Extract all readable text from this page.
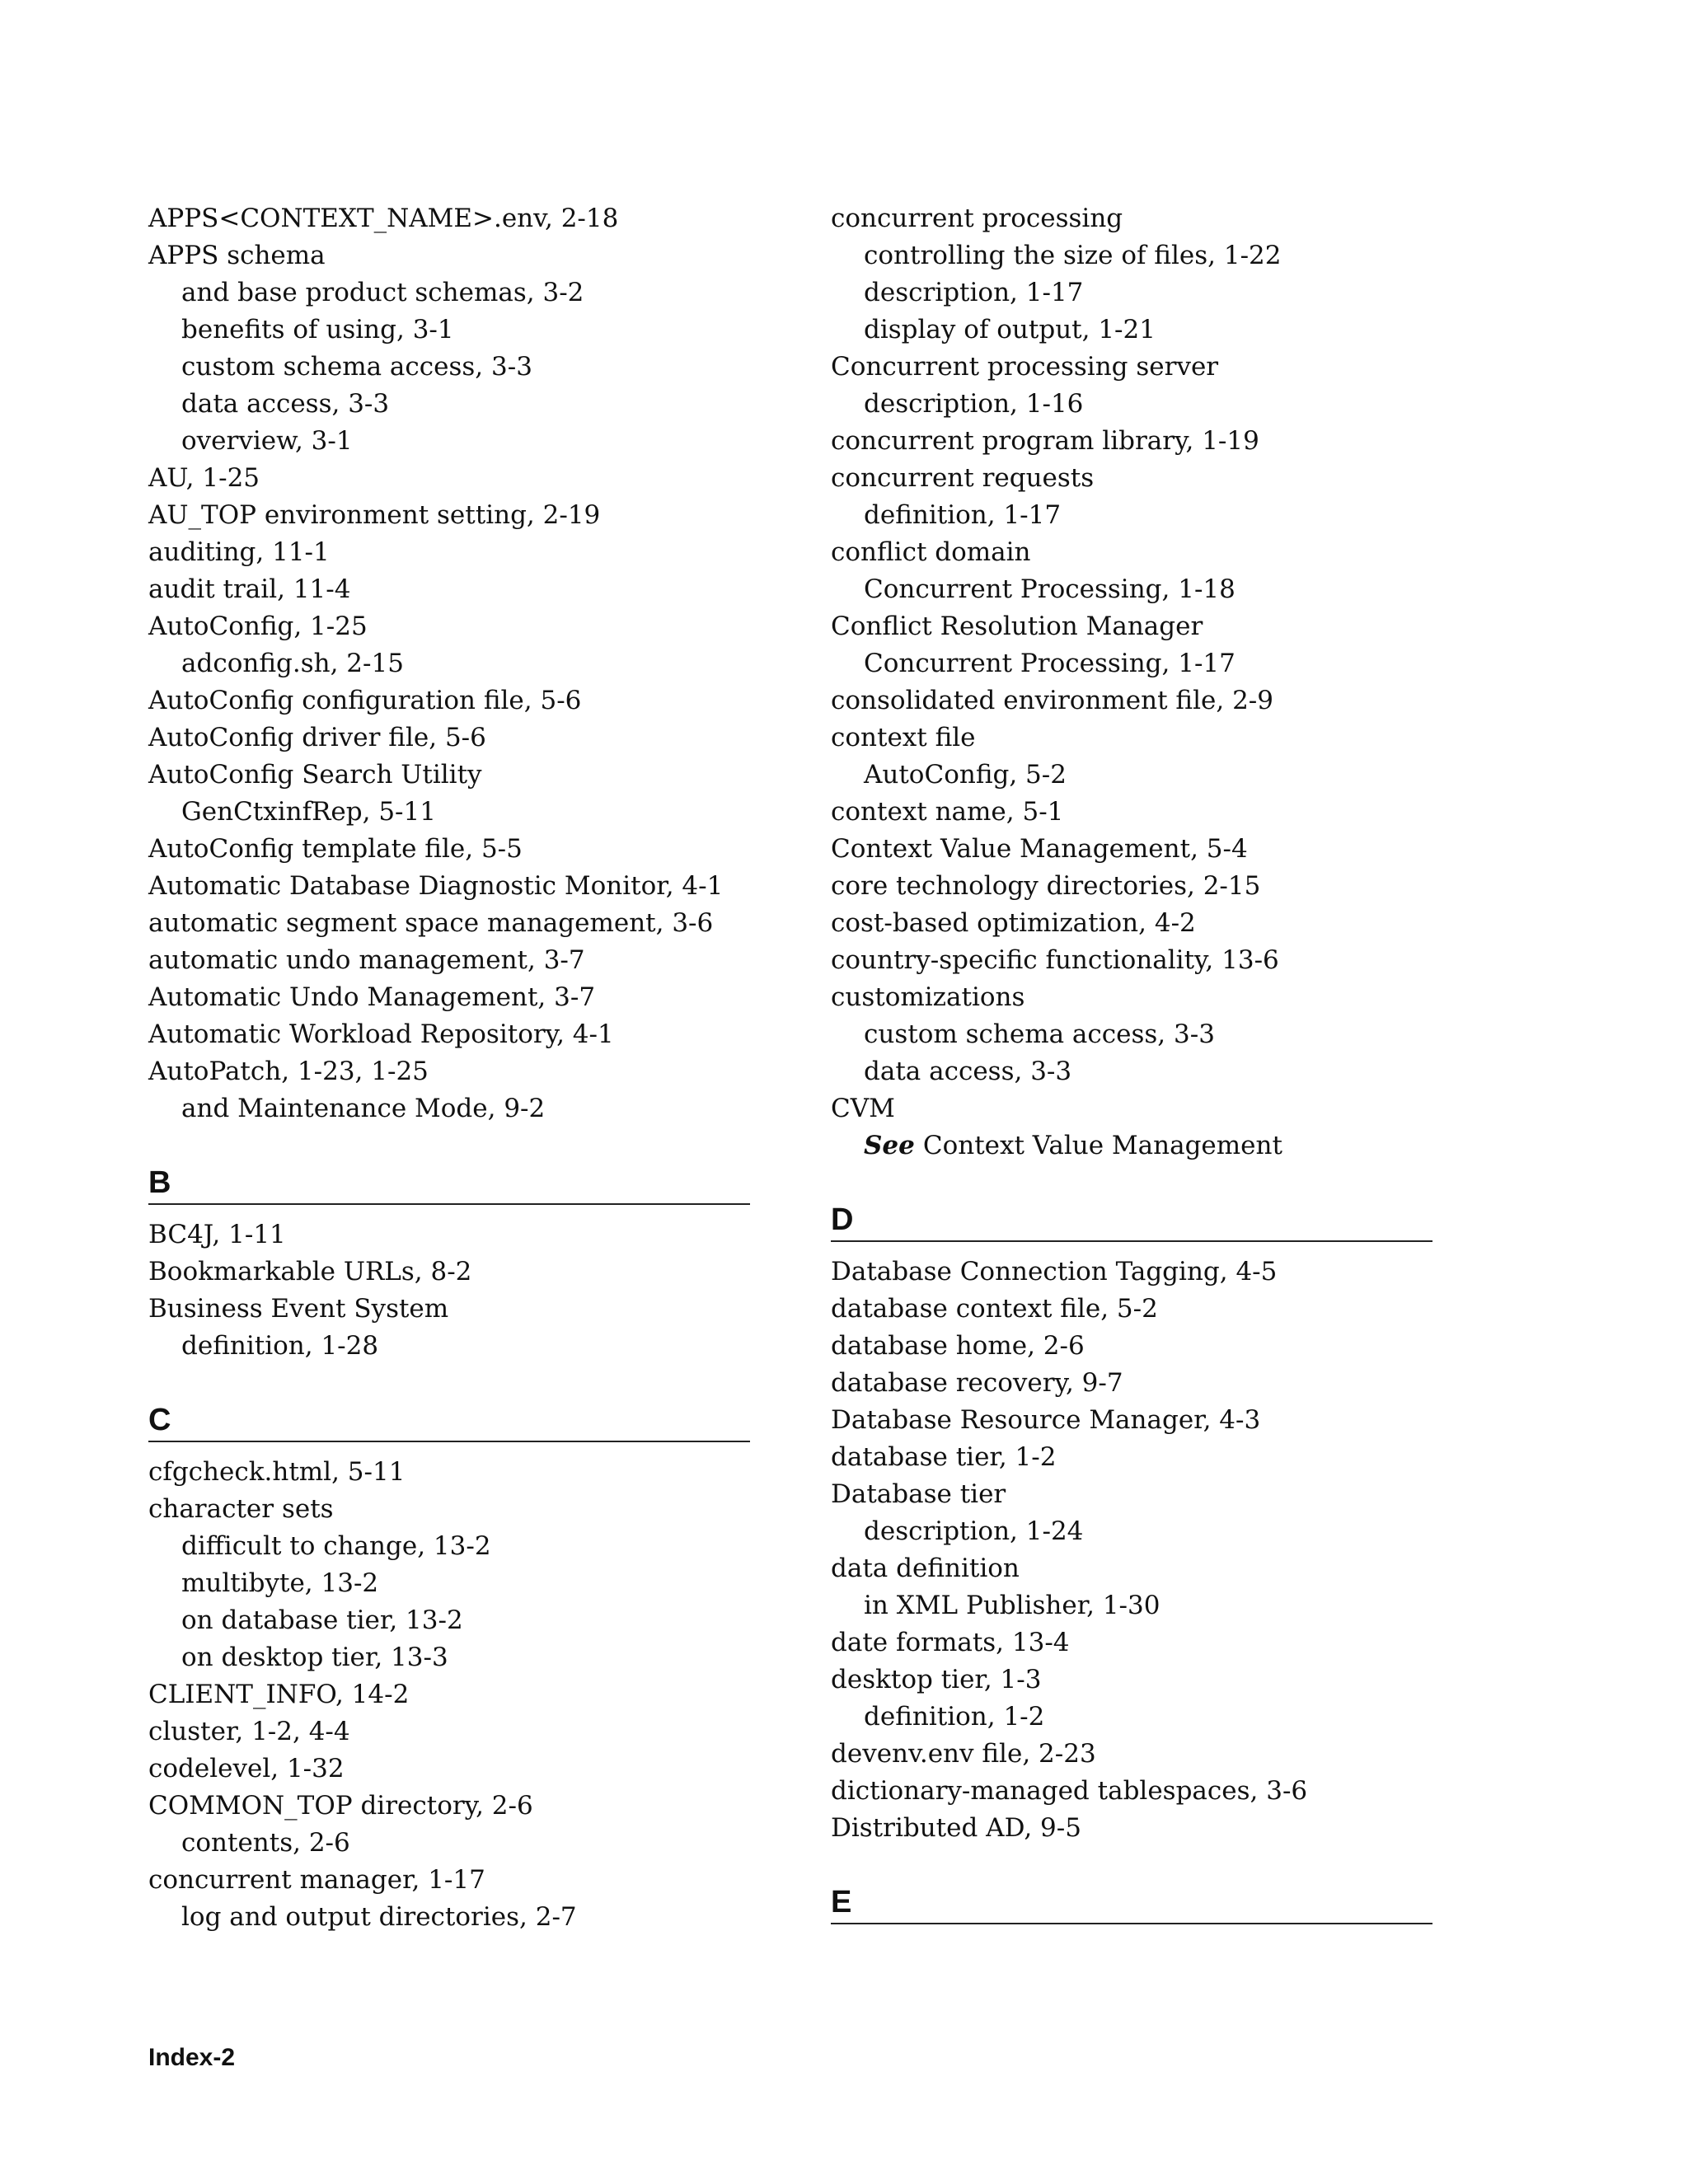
APPS<CONTEXT_NAME>.env, 2-18
APPS schema
and base product schemas, 3-2
benefits of using, 3-1
custom schema access, 3-3
data access, 3-3
overview, 3-1
AU, 1-25
AU_TOP environment setting, 2-19
auditing, 11-1
audit trail, 11-4
AutoConfig, 1-25
adconfig.sh, 2-15
AutoConfig configuration file, 5-6
AutoConfig driver file, 5-6
AutoConfig Search Utility
GenCtxinfRep, 5-11
AutoConfig template file, 5-5
Automatic Database Diagnostic Monitor, 4-1
automatic segment space management, 3-6
automatic undo management, 3-7
Automatic Undo Management, 3-7
Automatic Workload Repository, 4-1
AutoPatch, 1-23, 1-25
and Maintenance Mode, 9-2
B
BC4J, 1-11
Bookmarkable URLs, 8-2
Business Event System
definition, 1-28
C
cfgcheck.html, 5-11
character sets
difficult to change, 13-2
multibyte, 13-2
on database tier, 13-2
on desktop tier, 13-3
CLIENT_INFO, 14-2
cluster, 1-2, 4-4
codelevel, 1-32
COMMON_TOP directory, 2-6
contents, 2-6
concurrent manager, 1-17
log and output directories, 2-7
concurrent processing
controlling the size of files, 1-22
description, 1-17
display of output, 1-21
Concurrent processing server
description, 1-16
concurrent program library, 1-19
concurrent requests
definition, 1-17
conflict domain
Concurrent Processing, 1-18
Conflict Resolution Manager
Concurrent Processing, 1-17
consolidated environment file, 2-9
context file
AutoConfig, 5-2
context name, 5-1
Context Value Management, 5-4
core technology directories, 2-15
cost-based optimization, 4-2
country-specific functionality, 13-6
customizations
custom schema access, 3-3
data access, 3-3
CVM
See Context Value Management
D
Database Connection Tagging, 4-5
database context file, 5-2
database home, 2-6
database recovery, 9-7
Database Resource Manager, 4-3
database tier, 1-2
Database tier
description, 1-24
data definition
in XML Publisher, 1-30
date formats, 13-4
desktop tier, 1-3
definition, 1-2
devenv.env file, 2-23
dictionary-managed tablespaces, 3-6
Distributed AD, 9-5
E
Index-2
